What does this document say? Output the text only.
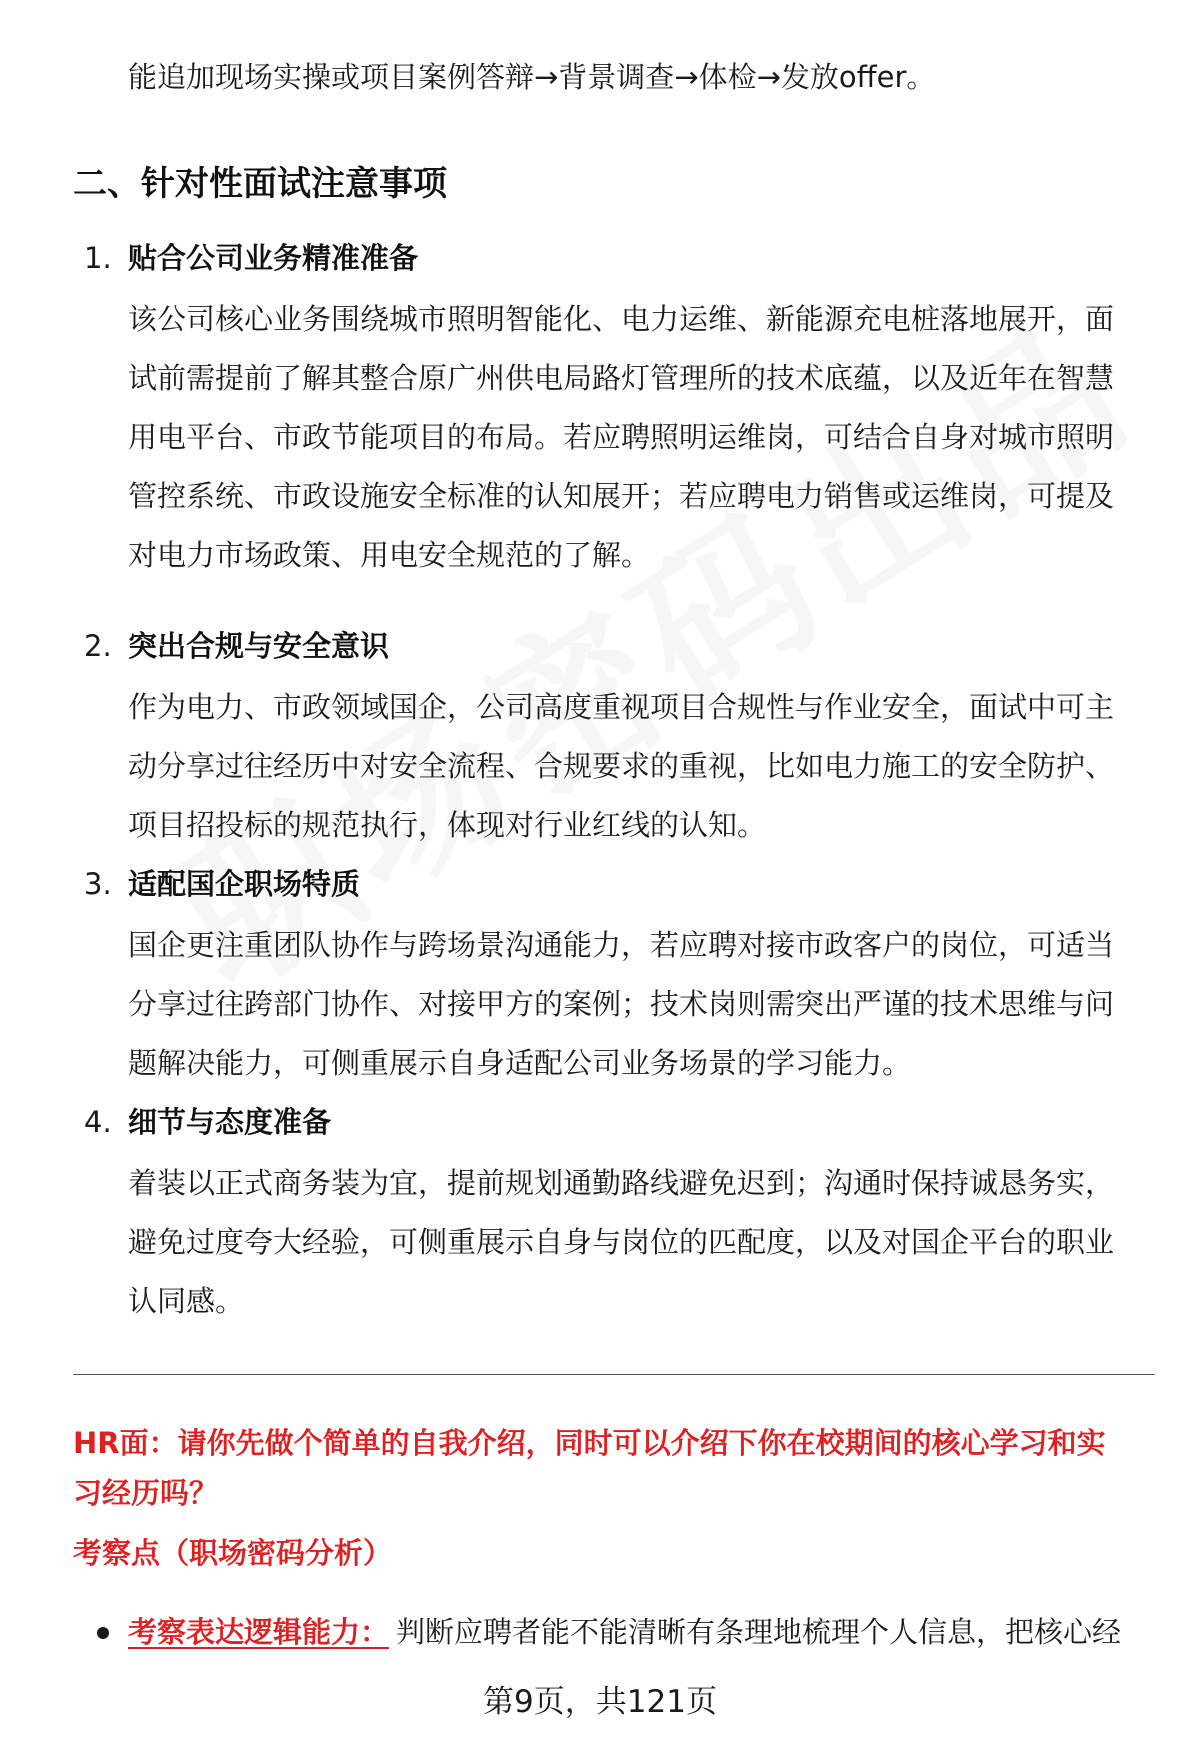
能追加现场实操或项目案例答辩→背景调查→体检→发放offer。
二、针对性面试注意事项
1. 贴合公司业务精准准备
该公司核心业务围绕城市照明智能化、电力运维、新能源充电桩落地展开，面
试前需提前了解其整合原广州供电局路灯管理所的技术底蕴，以及近年在智慧
用电平台、市政节能项目的布局。若应聘照明运维岗，可结合自身对城市照明
管控系统、市政设施安全标准的认知展开；若应聘电力销售或运维岗，可提及
对电力市场政策、用电安全规范的了解。
2. 突出合规与安全意识
作为电力、市政领域国企，公司高度重视项目合规性与作业安全，面试中可主
动分享过往经历中对安全流程、合规要求的重视，比如电力施工的安全防护、
项目招投标的规范执行，体现对行业红线的认知。
3. 适配国企职场特质
国企更注重团队协作与跨场景沟通能力，若应聘对接市政客户的岗位，可适当
分享过往跨部门协作、对接甲方的案例；技术岗则需突出严谨的技术思维与问
题解决能力，可侧重展示自身适配公司业务场景的学习能力。
4. 细节与态度准备
着装以正式商务装为宜，提前规划通勤路线避免迟到；沟通时保持诚恳务实，
避免过度夸大经验，可侧重展示自身与岗位的匹配度，以及对国企平台的职业
认同感。
HR面：请你先做个简单的自我介绍，同时可以介绍下你在校期间的核心学习和实
习经历吗？
考察点（职场密码分析）
考察表达逻辑能力： 判断应聘者能不能清晰有条理地梳理个人信息，把核心经
第9页，共121页
